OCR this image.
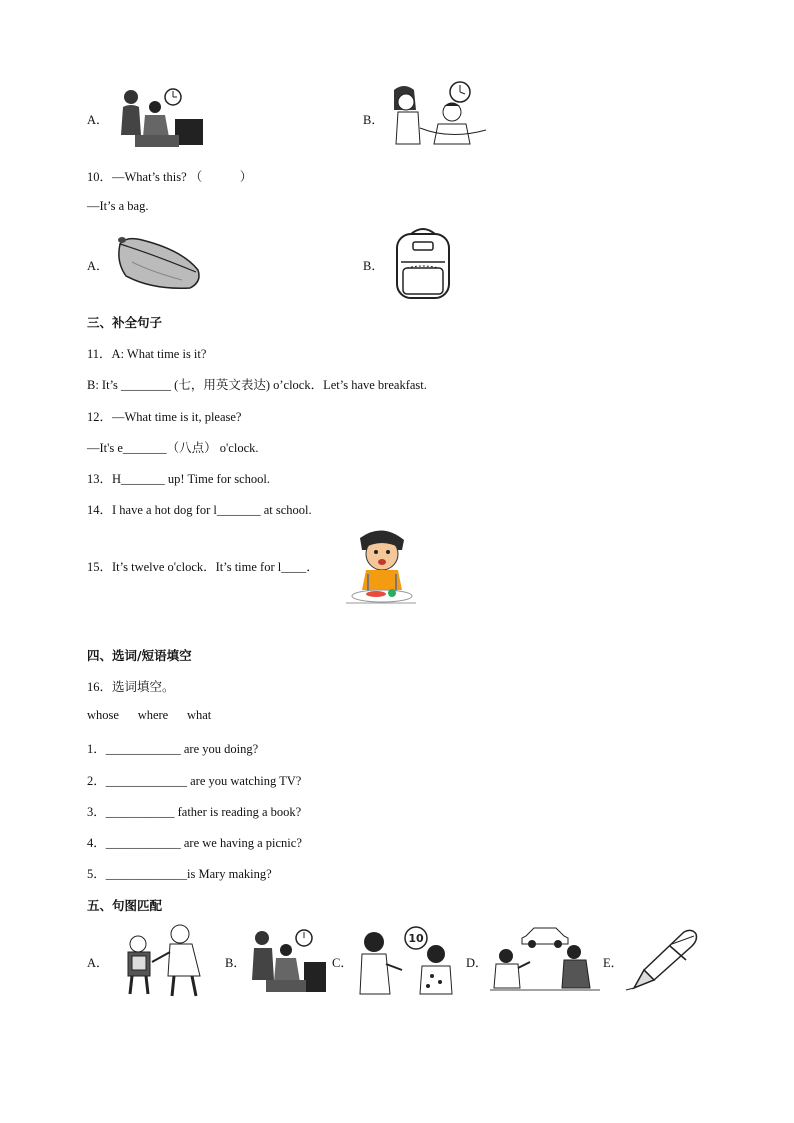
A．	B．
10．—What’s this? （　　　）
—It’s a bag.
A．	B．
三、补全句子
11．A: What time is it?
B: It’s ________ (七，用英文表达) o’clock．Let’s have breakfast.
12．—What time is it, please?
—It's e_______（八点） o'clock.
13．H_______ up! Time for school.
14．I have a hot dog for l_______ at school.
15．It’s twelve o'clock．It’s time for l____．
四、选词/短语填空
16．选词填空。
whose      where      what
1．____________ are you doing?
2．_____________ are you watching TV?
3．___________ father is reading a book?
4．____________ are we having a picnic?
5．_____________is Mary making?
五、句图匹配
A．	B．	C．
10
D．	E．
